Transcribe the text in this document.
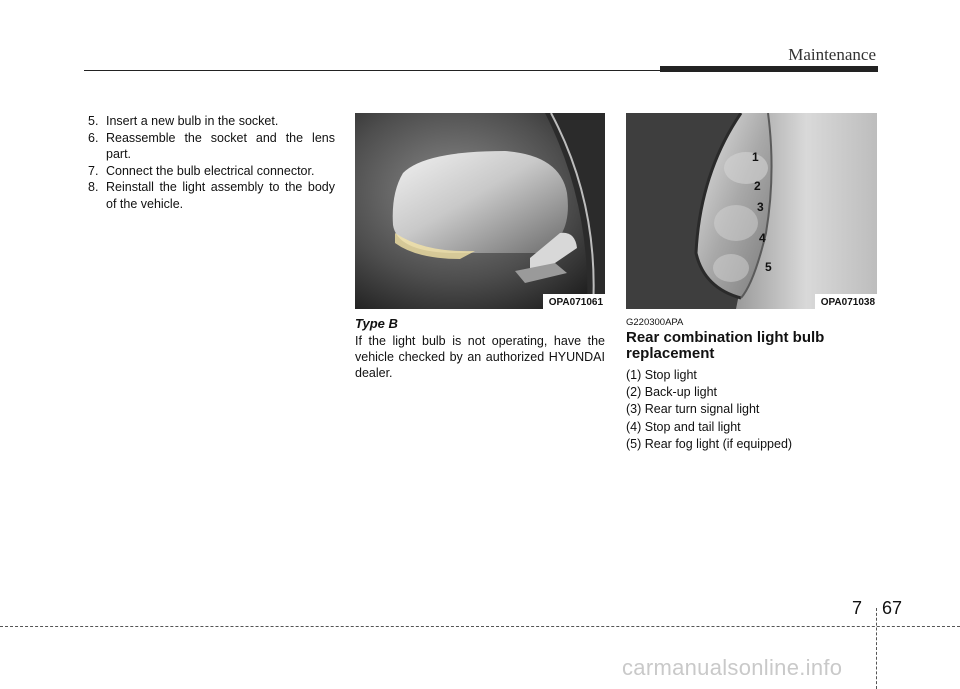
Maintenance
5. Insert a new bulb in the socket.
6. Reassemble the socket and the lens part.
7. Connect the bulb electrical connector.
8. Reinstall the light assembly to the body of the vehicle.
OPA071061
Type B
If the light bulb is not operating, have the vehicle checked by an authorized HYUNDAI dealer.
1
2
3
4
5
OPA071038
G220300APA
Rear combination light bulb replacement
(1) Stop light
(2) Back-up light
(3) Rear turn signal light
(4) Stop and tail light
(5) Rear fog light (if equipped)
7 67
carmanualsonline.info
